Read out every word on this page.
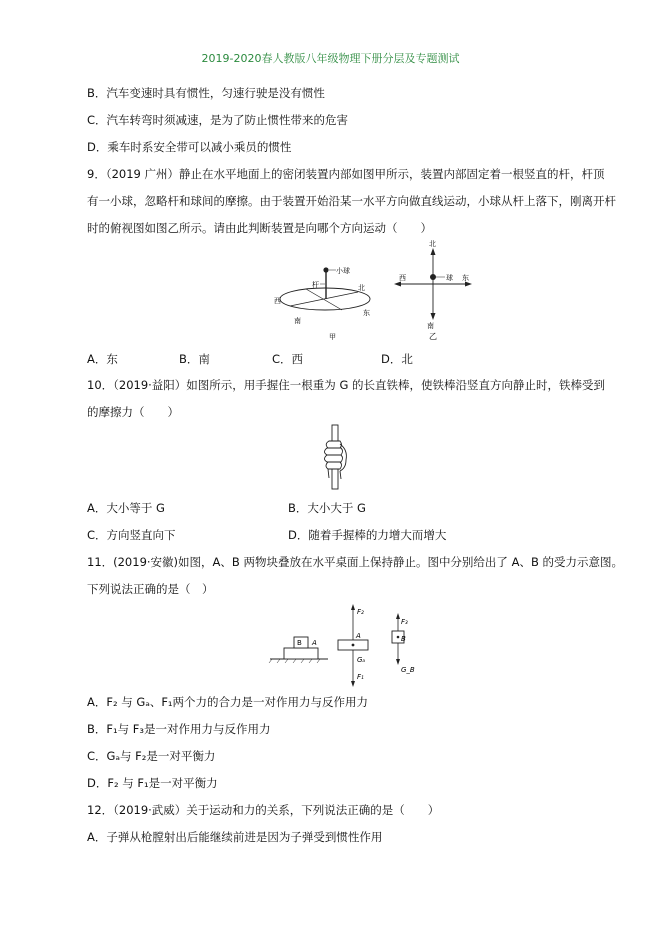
2019-2020春人教版八年级物理下册分层及专题测试
B．汽车变速时具有惯性，匀速行驶是没有惯性
C．汽车转弯时须减速，是为了防止惯性带来的危害
D．乘车时系安全带可以减小乘员的惯性
9．（2019 广州）静止在水平地面上的密闭装置内部如图甲所示，装置内部固定着一根竖直的杆，杆顶
有一小球，忽略杆和球间的摩擦。由于装置开始沿某一水平方向做直线运动，小球从杆上落下，刚离开杆
时的俯视图如图乙所示。请由此判断装置是向哪个方向运动（　　）
小球
杆	北
西
东
南
甲
北
西	东
球
南
乙
A．东	B．南	C．西	D．北
10．（2019·益阳）如图所示，用手握住一根重为 G 的长直铁棒，使铁棒沿竖直方向静止时，铁棒受到
的摩擦力（　　）
A．大小等于 G	B．大小大于 G
C．方向竖直向下	D．随着手握棒的力增大而增大
11．(2019·安徽)如图，A、B 两物块叠放在水平桌面上保持静止。图中分别给出了 A、B 的受力示意图。
下列说法正确的是（　）
B A
A
F₂
Gₐ
F₁
F₃
B
G_B
A．F₂ 与 Gₐ、F₁两个力的合力是一对作用力与反作用力
B．F₁与 F₃是一对作用力与反作用力
C．Gₐ与 F₂是一对平衡力
D．F₂ 与 F₁是一对平衡力
12．（2019·武威）关于运动和力的关系，下列说法正确的是（　　）
A．子弹从枪膛射出后能继续前进是因为子弹受到惯性作用
